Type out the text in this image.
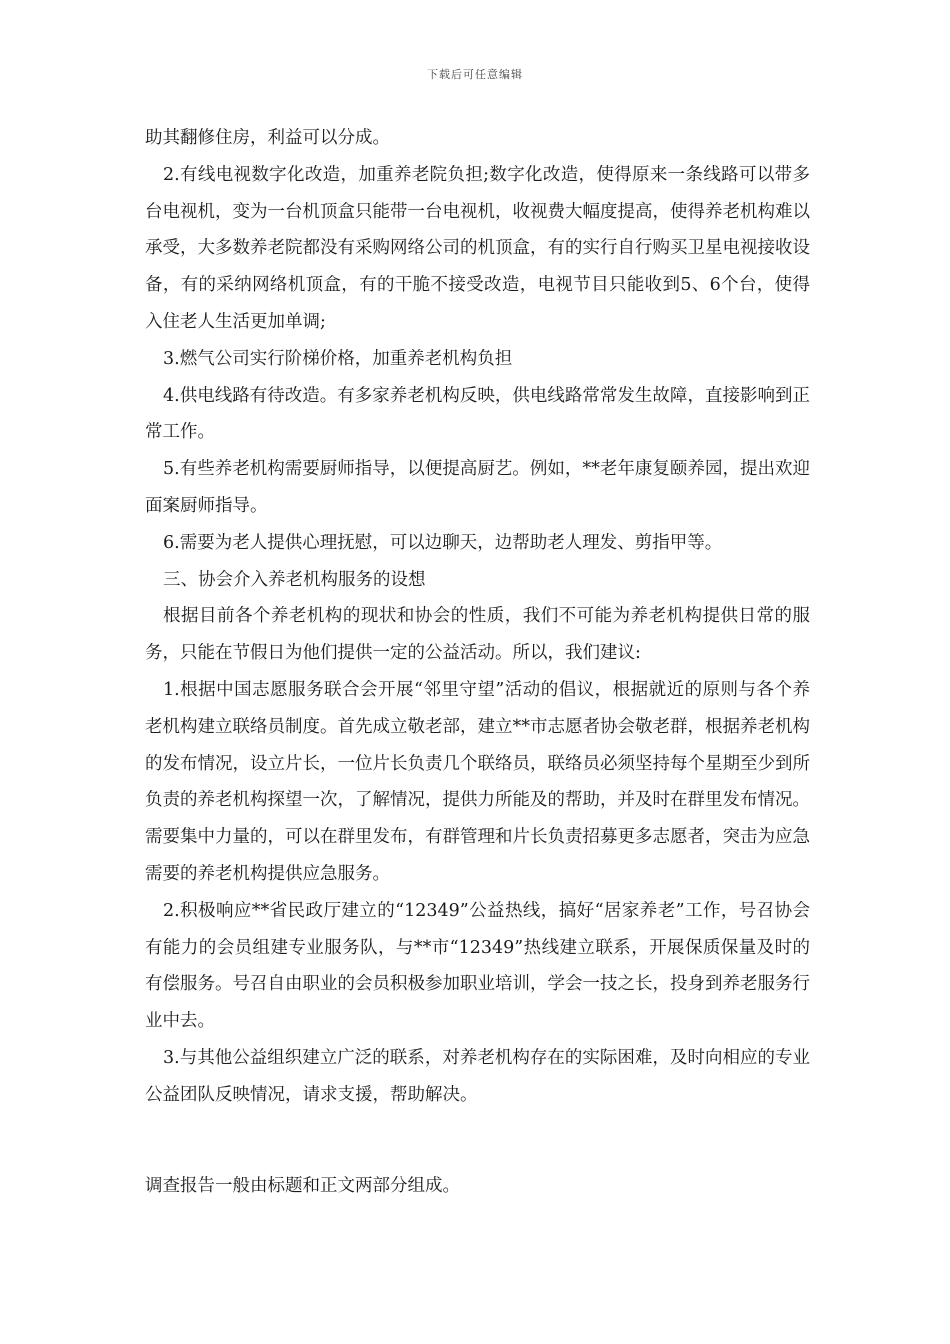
下载后可任意编辑

助其翻修住房，利益可以分成。

2.有线电视数字化改造，加重养老院负担;数字化改造，使得原来一条线路可以带多台电视机，变为一台机顶盒只能带一台电视机，收视费大幅度提高，使得养老机构难以承受，大多数养老院都没有采购网络公司的机顶盒，有的实行自行购买卫星电视接收设备，有的采纳网络机顶盒，有的干脆不接受改造，电视节目只能收到5、6个台，使得入住老人生活更加单调;

3.燃气公司实行阶梯价格，加重养老机构负担

4.供电线路有待改造。有多家养老机构反映，供电线路常常发生故障，直接影响到正常工作。

5.有些养老机构需要厨师指导，以便提高厨艺。例如，**老年康复颐养园，提出欢迎面案厨师指导。

6.需要为老人提供心理抚慰，可以边聊天，边帮助老人理发、剪指甲等。

三、协会介入养老机构服务的设想

根据目前各个养老机构的现状和协会的性质，我们不可能为养老机构提供日常的服务，只能在节假日为他们提供一定的公益活动。所以，我们建议:

1.根据中国志愿服务联合会开展“邻里守望”活动的倡议，根据就近的原则与各个养老机构建立联络员制度。首先成立敬老部，建立**市志愿者协会敬老群，根据养老机构的发布情况，设立片长，一位片长负责几个联络员，联络员必须坚持每个星期至少到所负责的养老机构探望一次，了解情况，提供力所能及的帮助，并及时在群里发布情况。需要集中力量的，可以在群里发布，有群管理和片长负责招募更多志愿者，突击为应急需要的养老机构提供应急服务。

2.积极响应**省民政厅建立的“12349”公益热线，搞好“居家养老”工作，号召协会有能力的会员组建专业服务队，与**市“12349”热线建立联系，开展保质保量及时的有偿服务。号召自由职业的会员积极参加职业培训，学会一技之长，投身到养老服务行业中去。

3.与其他公益组织建立广泛的联系，对养老机构存在的实际困难，及时向相应的专业公益团队反映情况，请求支援，帮助解决。

调查报告一般由标题和正文两部分组成。
